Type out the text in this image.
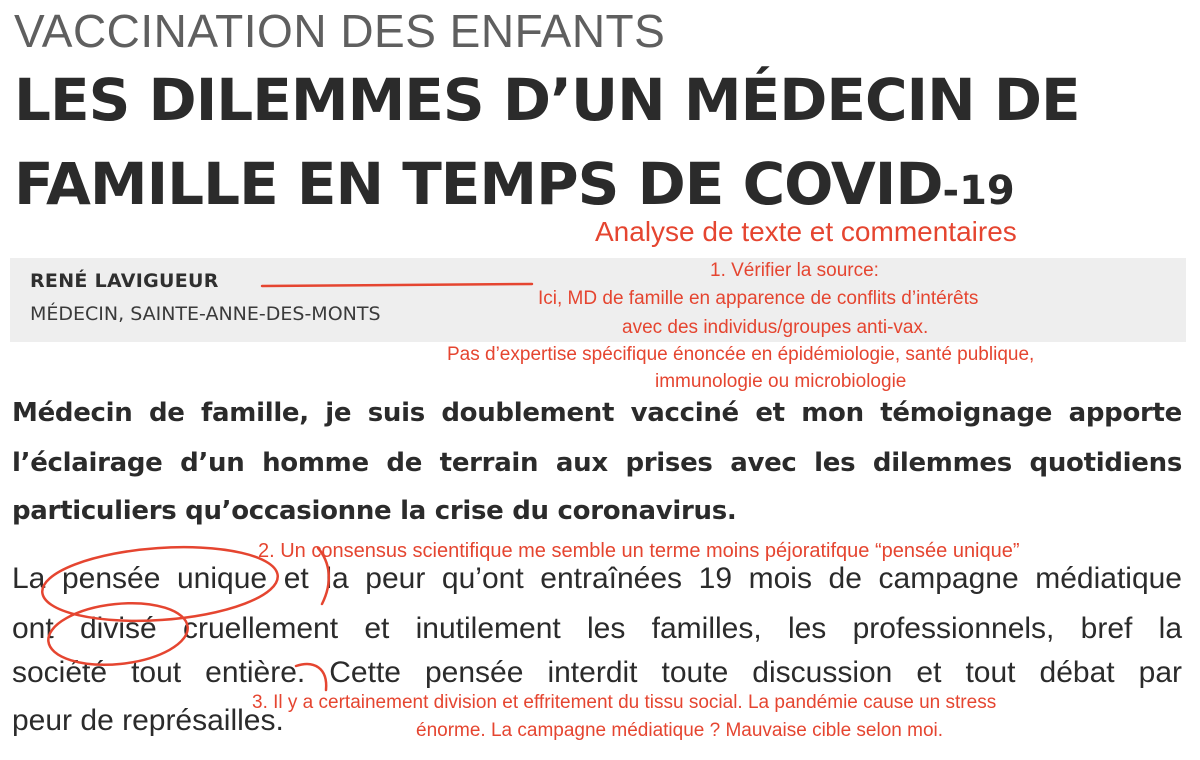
VACCINATION DES ENFANTS
LES DILEMMES D’UN MÉDECIN DE
FAMILLE EN TEMPS DE COVID-19
RENÉ LAVIGUEUR
MÉDECIN, SAINTE-ANNE-DES-MONTS
Médecin de famille, je suis doublement vacciné et mon témoignage apporte
l’éclairage d’un homme de terrain aux prises avec les dilemmes quotidiens
particuliers qu’occasionne la crise du coronavirus.
La pensée unique et la peur qu’ont entraînées 19 mois de campagne médiatique
ont divisé cruellement et inutilement les familles, les professionnels, bref la
société tout entière. Cette pensée interdit toute discussion et tout débat par
peur de représailles.
Analyse de texte et commentaires
1. Vérifier la source:
Ici, MD de famille en apparence de conflits d’intérêts
avec des individus/groupes anti-vax.
Pas d’expertise spécifique énoncée en épidémiologie, santé publique,
immunologie ou microbiologie
2. Un consensus scientifique me semble un terme moins péjoratifque “pensée unique”
3. Il y a certainement division et effritement du tissu social. La pandémie cause un stress
énorme. La campagne médiatique ? Mauvaise cible selon moi.
